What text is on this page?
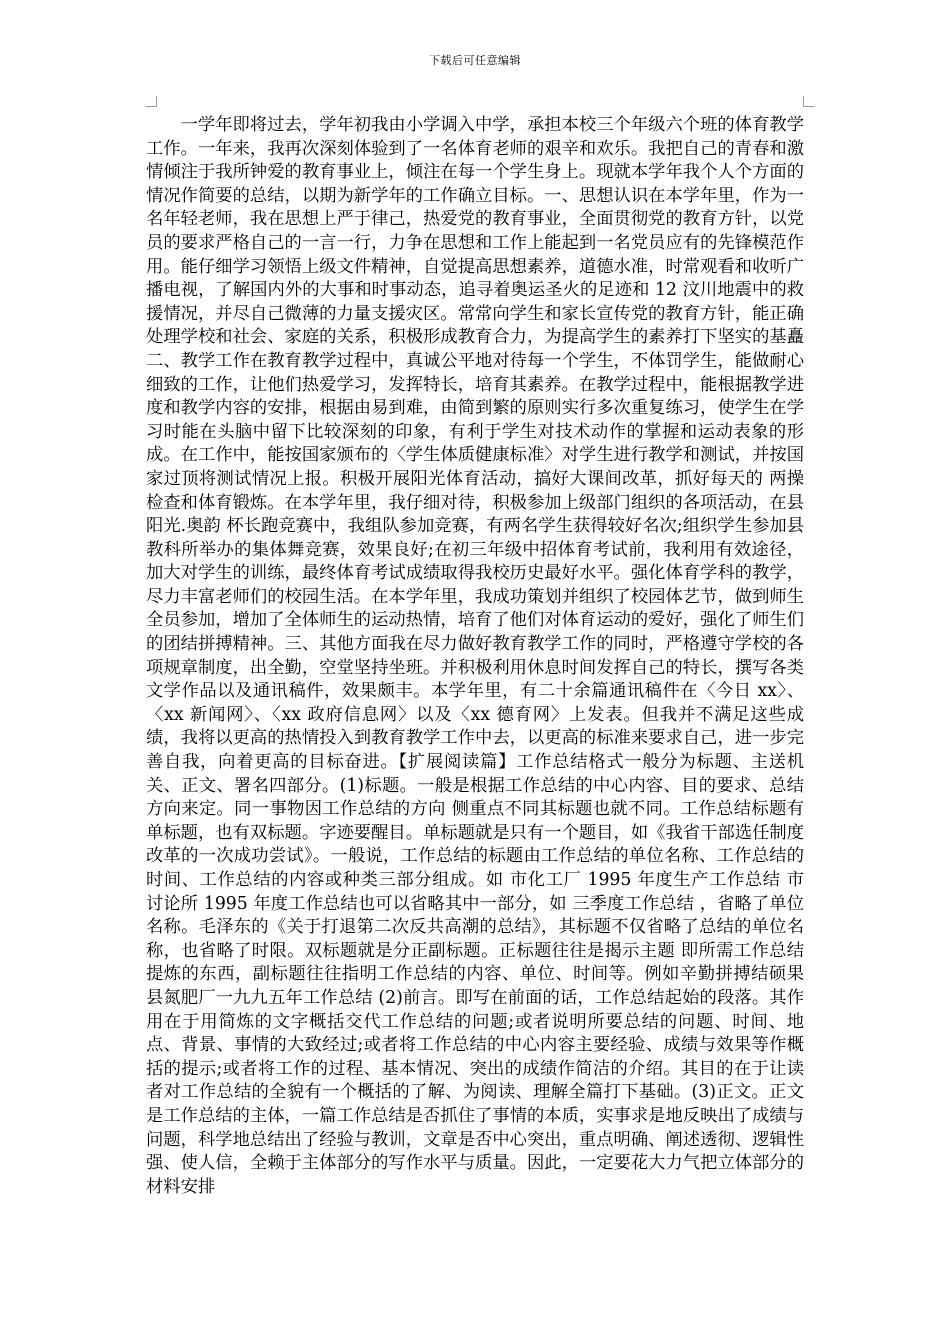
下载后可任意编辑

一学年即将过去，学年初我由小学调入中学，承担本校三个年级六个班的体育教学工作。一年来，我再次深刻体验到了一名体育老师的艰辛和欢乐。我把自己的青春和激情倾注于我所钟爱的教育事业上，倾注在每一个学生身上。现就本学年我个人个方面的情况作简要的总结，以期为新学年的工作确立目标。一、思想认识在本学年里，作为一名年轻老师，我在思想上严于律己，热爱党的教育事业，全面贯彻党的教育方针，以党员的要求严格自己的一言一行，力争在思想和工作上能起到一名党员应有的先锋模范作用。能仔细学习领悟上级文件精神，自觉提高思想素养，道德水准，时常观看和收听广播电视，了解国内外的大事和时事动态，追寻着奥运圣火的足迹和 12 汶川地震中的救援情况，并尽自己微薄的力量支援灾区。常常向学生和家长宣传党的教育方针，能正确处理学校和社会、家庭的关系，积极形成教育合力，为提高学生的素养打下坚实的基矗二、教学工作在教育教学过程中，真诚公平地对待每一个学生，不体罚学生，能做耐心细致的工作，让他们热爱学习，发挥特长，培育其素养。在教学过程中，能根据教学进度和教学内容的安排，根据由易到难，由简到繁的原则实行多次重复练习，使学生在学习时能在头脑中留下比较深刻的印象，有利于学生对技术动作的掌握和运动表象的形成。在工作中，能按国家颁布的〈学生体质健康标准〉对学生进行教学和测试，并按国家过顶将测试情况上报。积极开展阳光体育活动，搞好大课间改革，抓好每天的 两操 检查和体育锻炼。在本学年里，我仔细对待，积极参加上级部门组织的各项活动，在县阳光.奥韵 杯长跑竞赛中，我组队参加竞赛，有两名学生获得较好名次;组织学生参加县教科所举办的集体舞竞赛，效果良好;在初三年级中招体育考试前，我利用有效途径，加大对学生的训练，最终体育考试成绩取得我校历史最好水平。强化体育学科的教学，尽力丰富老师们的校园生活。在本学年里，我成功策划并组织了校园体艺节，做到师生全员参加，增加了全体师生的运动热情，培育了他们对体育运动的爱好，强化了师生们的团结拼搏精神。三、其他方面我在尽力做好教育教学工作的同时，严格遵守学校的各项规章制度，出全勤，空堂坚持坐班。并积极利用休息时间发挥自己的特长，撰写各类文学作品以及通讯稿件，效果颇丰。本学年里，有二十余篇通讯稿件在〈今日 xx〉、〈xx 新闻网〉、〈xx 政府信息网〉以及〈xx 德育网〉上发表。但我并不满足这些成绩，我将以更高的热情投入到教育教学工作中去，以更高的标准来要求自己，进一步完善自我，向着更高的目标奋进。【扩展阅读篇】工作总结格式一般分为标题、主送机关、正文、署名四部分。(1)标题。一般是根据工作总结的中心内容、目的要求、总结方向来定。同一事物因工作总结的方向 侧重点不同其标题也就不同。工作总结标题有单标题，也有双标题。字迹要醒目。单标题就是只有一个题目，如《我省干部选任制度改革的一次成功尝试》。一般说，工作总结的标题由工作总结的单位名称、工作总结的时间、工作总结的内容或种类三部分组成。如 市化工厂 1995 年度生产工作总结 市 讨论所 1995 年度工作总结也可以省略其中一部分，如 三季度工作总结 ，省略了单位名称。毛泽东的《关于打退第二次反共高潮的总结》，其标题不仅省略了总结的单位名称，也省略了时限。双标题就是分正副标题。正标题往往是揭示主题 即所需工作总结提炼的东西，副标题往往指明工作总结的内容、单位、时间等。例如辛勤拼搏结硕果 县氮肥厂一九九五年工作总结 (2)前言。即写在前面的话，工作总结起始的段落。其作用在于用简炼的文字概括交代工作总结的问题;或者说明所要总结的问题、时间、地点、背景、事情的大致经过;或者将工作总结的中心内容主要经验、成绩与效果等作概括的提示;或者将工作的过程、基本情况、突出的成绩作简洁的介绍。其目的在于让读者对工作总结的全貌有一个概括的了解、为阅读、理解全篇打下基础。(3)正文。正文是工作总结的主体，一篇工作总结是否抓住了事情的本质，实事求是地反映出了成绩与问题，科学地总结出了经验与教训，文章是否中心突出，重点明确、阐述透彻、逻辑性强、使人信，全赖于主体部分的写作水平与质量。因此，一定要花大力气把立体部分的材料安排
